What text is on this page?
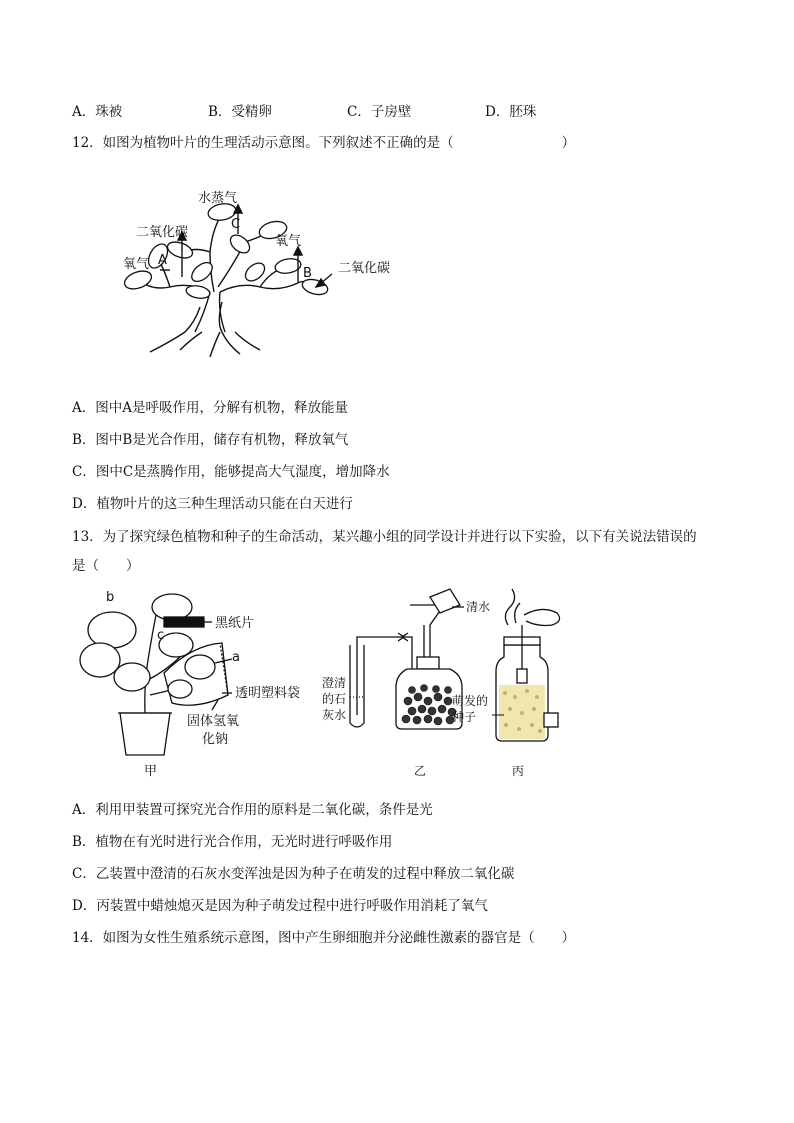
A．珠被	B．受精卵	C．子房壁	D．胚珠
12．如图为植物叶片的生理活动示意图。下列叙述不正确的是（　　　　　　　　）
水蒸气
C
二氧化碳
氧气 A
氧气
B 二氧化碳
A．图中A是呼吸作用，分解有机物，释放能量
B．图中B是光合作用，储存有机物，释放氧气
C．图中C是蒸腾作用，能够提高大气湿度，增加降水
D．植物叶片的这三种生理活动只能在白天进行
13．为了探究绿色植物和种子的生命活动，某兴趣小组的同学设计并进行以下实验，以下有关说法错误的
是（　　）
b
c
a
黑纸片
透明塑料袋
固体氢氧
化钠
甲
澄清
的石
灰水
清水
乙
萌发的
种子
丙
A．利用甲装置可探究光合作用的原料是二氧化碳，条件是光
B．植物在有光时进行光合作用，无光时进行呼吸作用
C．乙装置中澄清的石灰水变浑浊是因为种子在萌发的过程中释放二氧化碳
D．丙装置中蜡烛熄灭是因为种子萌发过程中进行呼吸作用消耗了氧气
14．如图为女性生殖系统示意图，图中产生卵细胞并分泌雌性激素的器官是（　　）
